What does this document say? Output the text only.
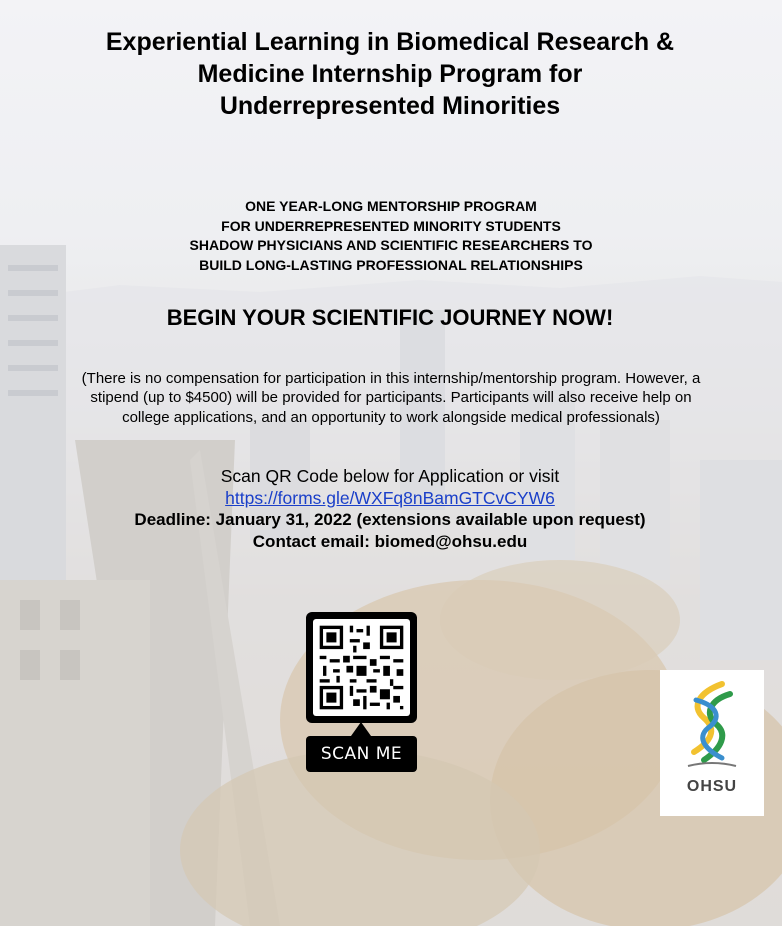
Experiential Learning in Biomedical Research &
Medicine Internship Program for
Underrepresented Minorities

ONE YEAR-LONG MENTORSHIP PROGRAM
FOR UNDERREPRESENTED MINORITY STUDENTS
SHADOW PHYSICIANS AND SCIENTIFIC RESEARCHERS TO
BUILD LONG-LASTING PROFESSIONAL RELATIONSHIPS

BEGIN YOUR SCIENTIFIC JOURNEY NOW!

(There is no compensation for participation in this internship/mentorship program. However, a stipend (up to $4500) will be provided for participants. Participants will also receive help on college applications, and an opportunity to work alongside medical professionals)

Scan QR Code below for Application or visit
https://forms.gle/WXFq8nBamGTCvCYW6
Deadline: January 31, 2022 (extensions available upon request)
Contact email: biomed@ohsu.edu
SCAN ME
OHSU
